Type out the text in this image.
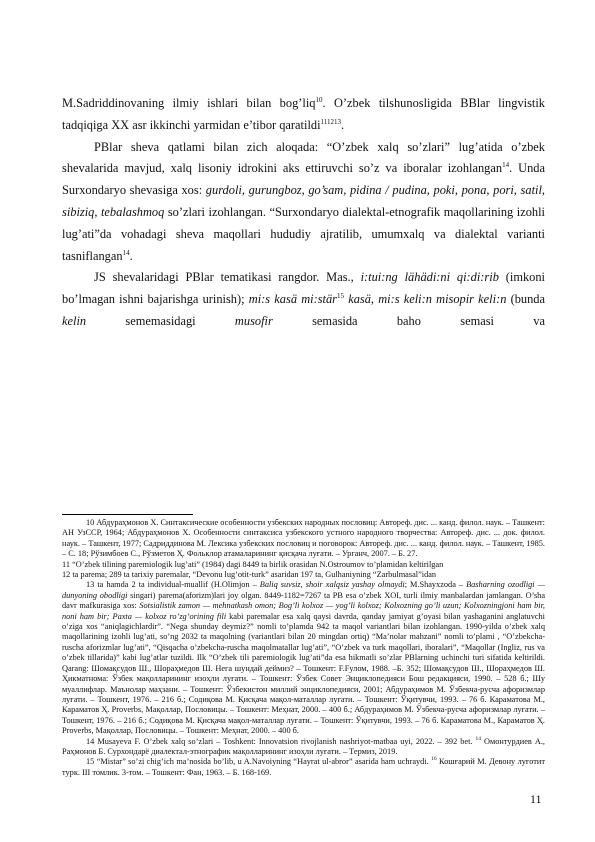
M.Sadriddinovaning ilmiy ishlari bilan bog’liq$^{10}$. O’zbek tilshunosligida BBlar lingvistik tadqiqiga XX asr ikkinchi yarmidan e’tibor qaratildi$^{111213}$.

PBlar sheva qatlami bilan zich aloqada: “O’zbek xalq so’zlari” lug’atida o’zbek shevalarida mavjud, xalq lisoniy idrokini aks ettiruvchi so’z va iboralar izohlangan$^{14}$. Unda Surxondaryo shevasiga xos: gurdoli, gurungboz, go’sam, pidina / pudina, poki, pona, pori, satil, sibiziq, tebalashmoq so’zlari izohlangan. “Surxondaryo dialektal-etnografik maqollarining izohli lug’ati”da vohadagi sheva maqollari hududiy ajratilib, umumxalq va dialektal varianti tasniflangan$^{14}$.

JS shevalaridagi PBlar tematikasi rangdor. Mas., i:tui:ng lähädi:ni qi:di:rib (imkoni bo’lmagan ishni bajarishga urinish); mi:s kasä mi:stär$^{15}$ kasä, mi:s keli:n misopir keli:n (bunda kelin sememasidagi musofir semasida baho semasi va

10 Абдураҳмонов Х. Синтаксические особенности узбекских народных пословиц: Автореф. дис. ... канд. филол. наук. – Ташкент: АН УзССР, 1964; Абдураҳмонов Х. Особенности синтаксиса узбекского устного народного творчества: Автореф. дис. ... док. филол. наук. – Ташкент, 1977; Садриддинова М. Лексика узбекских пословиц и поговорок: Автореф. дис. ... канд. филол. наук. – Ташкент, 1985. – С. 18; Рўзимбоев С., Рўзметов Ҳ. Фольклор атамаларининг қисқача луғати. – Урганч, 2007. – Б. 27.

11 “O’zbek tilining paremiologik lug’ati” (1984) dagi 8449 ta birlik orasidan N.Ostroumov to’plamidan keltirilgan

12 ta parema; 289 ta tarixiy paremalar, “Devonu lug’otit-turk” asaridan 197 ta, Gulhaniyning “Zarbulmasal”idan

13 ta hamda 2 ta individual-muallif (H.Olimjon – Baliq suvsiz, shoir xalqsiz yashay olmaydi; M.Shayxzoda – Basharning ozodligi — dunyoning obodligi singari) parema(aforizm)lari joy olgan. 8449-1182=7267 ta PB esa o’zbek XOI, turli ilmiy manbalardan jamlangan. O’sha davr mafkurasiga xos: Sotsialistik zamon — mehnatkash omon; Bog’li kolxoz — yog’li kolxoz; Kolxozning go’li uzun; Kolxozningjoni ham bir, noni ham bir; Paxta — kolxoz ro’zg’orining fili kabi paremalar esa xalq qaysi davrda, qanday jamiyat g’oyasi bilan yashaganini anglatuvchi o’ziga xos “aniqlagichlardir”. “Nega shunday deymiz?” nomli to’plamda 942 ta maqol variantlari bilan izohlangan. 1990-yilda o’zbek xalq maqollarining izohli lug’ati, so’ng 2032 ta maqolning (variantlari bilan 20 mingdan ortiq) “Ma’nolar mahzani” nomli to’plami , “O’zbekcha-ruscha aforizmlar lug’ati”, “Qisqacha o’zbekcha-ruscha maqolmatallar lug’ati”, “O’zbek va turk maqollari, iboralari”, “Maqollar (Ingliz, rus va o’zbek tillarida)” kabi lug’atlar tuzildi. Ilk “O’zbek tili paremiologik lug’ati”da esa hikmatli so’zlar PBlarning uchinchi turi sifatida keltirildi. Qarang: Шомақсудов Ш., Шораҳмедов Ш. Нега шундай деймиз? – Тошкент: F.Fулом, 1988. –Б. 352; Шомақсудов Ш., Шораҳмедов Ш. Ҳикматнома: Ўзбек мақолларининг изоҳли луғати. – Тошкент: Ўзбек Совет Энциклопедияси Бош редакцияси, 1990. – 528 б.; Шу муаллифлар. Маънолар маҳзани. – Тошкент: Ўзбекистон миллий энциклопедияси, 2001; Абдураҳимов М. Ўзбекча-русча афоризмлар луғати. – Тошкент, 1976. – 216 б.; Содиқова М. Қисқача мақол-маталлар луғати. – Тошкент: Ўқитувчи, 1993. – 76 б. Караматова М., Караматов Ҳ. Proverbs, Мақоллар, Пословицы. – Тошкент: Меҳнат, 2000. – 400 б.; Абдураҳимов М. Ўзбекча-русча афоризмлар луғати. – Тошкент, 1976. – 216 б.; Содиқова М. Қисқача мақол-маталлар луғати. – Тошкент: Ўқитувчи, 1993. – 76 б. Караматова М., Караматов Ҳ. Proverbs, Мақоллар, Пословицы. – Тошкент: Меҳнат, 2000. – 400 б.

14 Musayeva F. O’zbek xalq so’zlari – Toshkent: Innovatsion rivojlanish nashriyot-matbaa uyi, 2022. – 392 bet. $^{14}$ Омонтурдиев А., Раҳмонов Б. Сурхондарё диалектал-этнографик мақолларининг изоҳли луғати. – Термиз, 2019.

15 “Mistar” so’zi chig’ich ma’nosida bo’lib, u A.Navoiyning “Hayrat ul-abror” asarida ham uchraydi. $^{16}$ Кошғарий М. Девону луғотит турк. III томлик. 3-том. – Тошкент: Фан, 1963. – Б. 168-169.

11
